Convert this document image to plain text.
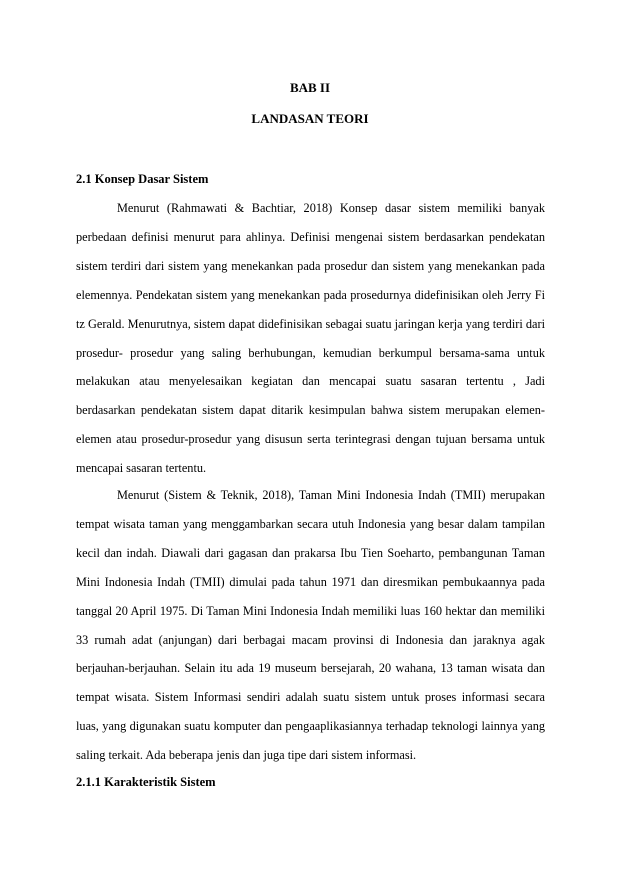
BAB II
LANDASAN TEORI
2.1 Konsep Dasar Sistem

Menurut (Rahmawati & Bachtiar, 2018) Konsep dasar sistem memiliki banyak perbedaan definisi menurut para ahlinya. Definisi mengenai sistem berdasarkan pendekatan sistem terdiri dari sistem yang menekankan pada prosedur dan sistem yang menekankan pada elemennya. Pendekatan sistem yang menekankan pada prosedurnya didefinisikan oleh Jerry Fi tz Gerald. Menurutnya, sistem dapat didefinisikan sebagai suatu jaringan kerja yang terdiri dari prosedur- prosedur yang saling berhubungan, kemudian berkumpul bersama-sama untuk melakukan atau menyelesaikan kegiatan dan mencapai suatu sasaran tertentu , Jadi berdasarkan pendekatan sistem dapat ditarik kesimpulan bahwa sistem merupakan elemen-elemen atau prosedur-prosedur yang disusun serta terintegrasi dengan tujuan bersama untuk mencapai sasaran tertentu.

Menurut (Sistem & Teknik, 2018), Taman Mini Indonesia Indah (TMII) merupakan tempat wisata taman yang menggambarkan secara utuh Indonesia yang besar dalam tampilan kecil dan indah. Diawali dari gagasan dan prakarsa Ibu Tien Soeharto, pembangunan Taman Mini Indonesia Indah (TMII) dimulai pada tahun 1971 dan diresmikan pembukaannya pada tanggal 20 April 1975. Di Taman Mini Indonesia Indah memiliki luas 160 hektar dan memiliki 33 rumah adat (anjungan) dari berbagai macam provinsi di Indonesia dan jaraknya agak berjauhan-berjauhan. Selain itu ada 19 museum bersejarah, 20 wahana, 13 taman wisata dan tempat wisata. Sistem Informasi sendiri adalah suatu sistem untuk proses informasi secara luas, yang digunakan suatu komputer dan pengaaplikasiannya terhadap teknologi lainnya yang saling terkait. Ada beberapa jenis dan juga tipe dari sistem informasi.

2.1.1 Karakteristik Sistem
